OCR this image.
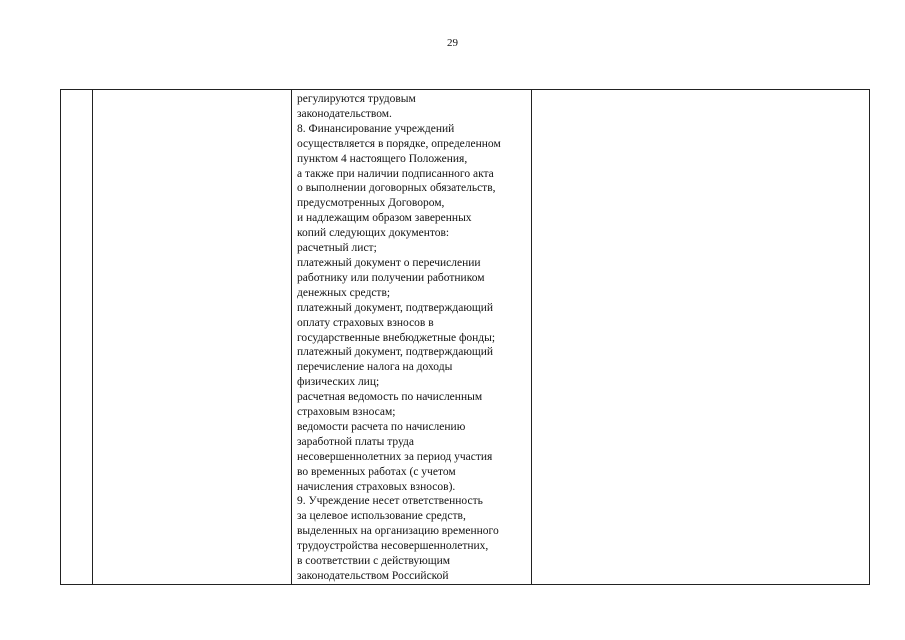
29

регулируются трудовым
законодательством.
8. Финансирование учреждений
осуществляется в порядке, определенном
пунктом 4 настоящего Положения,
а также при наличии подписанного акта
о выполнении договорных обязательств,
предусмотренных Договором,
и надлежащим образом заверенных
копий следующих документов:
расчетный лист;
платежный документ о перечислении
работнику или получении работником
денежных средств;
платежный документ, подтверждающий
оплату страховых взносов в
государственные внебюджетные фонды;
платежный документ, подтверждающий
перечисление налога на доходы
физических лиц;
расчетная ведомость по начисленным
страховым взносам;
ведомости расчета по начислению
заработной платы труда
несовершеннолетних за период участия
во временных работах (с учетом
начисления страховых взносов).
9. Учреждение несет ответственность
за целевое использование средств,
выделенных на организацию временного
трудоустройства несовершеннолетних,
в соответствии с действующим
законодательством Российской
